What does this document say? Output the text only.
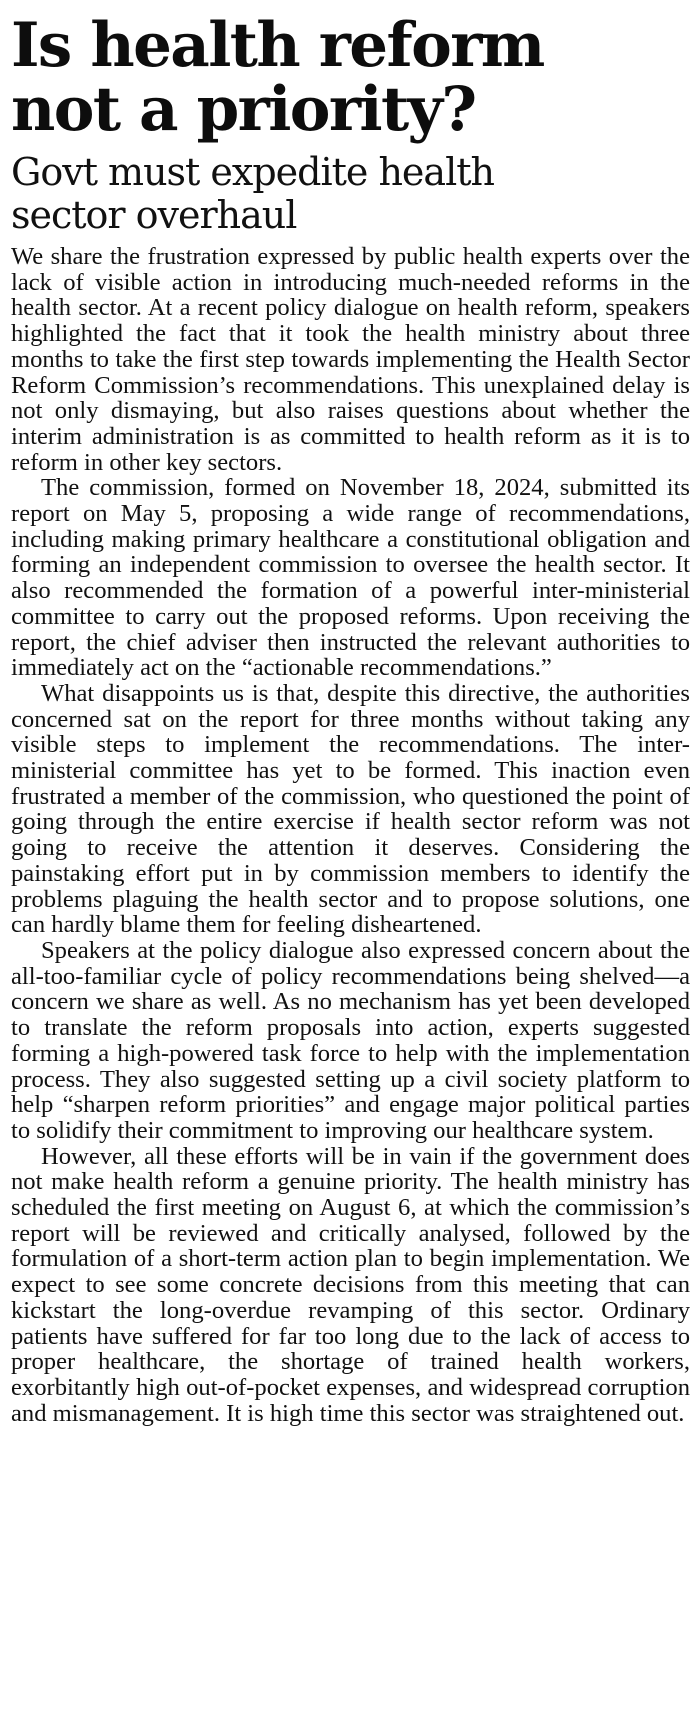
Is health reform not a priority?
Govt must expedite health sector overhaul

We share the frustration expressed by public health experts over the lack of visible action in introducing much-needed reforms in the health sector. At a recent policy dialogue on health reform, speakers highlighted the fact that it took the health ministry about three months to take the first step towards implementing the Health Sector Reform Commission’s recommendations. This unexplained delay is not only dismaying, but also raises questions about whether the interim administration is as committed to health reform as it is to reform in other key sectors.

The commission, formed on November 18, 2024, submitted its report on May 5, proposing a wide range of recommendations, including making primary healthcare a constitutional obligation and forming an independent commission to oversee the health sector. It also recommended the formation of a powerful inter-ministerial committee to carry out the proposed reforms. Upon receiving the report, the chief adviser then instructed the relevant authorities to immediately act on the “actionable recommendations.”

What disappoints us is that, despite this directive, the authorities concerned sat on the report for three months without taking any visible steps to implement the recommendations. The inter-ministerial committee has yet to be formed. This inaction even frustrated a member of the commission, who questioned the point of going through the entire exercise if health sector reform was not going to receive the attention it deserves. Considering the painstaking effort put in by commission members to identify the problems plaguing the health sector and to propose solutions, one can hardly blame them for feeling disheartened.

Speakers at the policy dialogue also expressed concern about the all-too-familiar cycle of policy recommendations being shelved—a concern we share as well. As no mechanism has yet been developed to translate the reform proposals into action, experts suggested forming a high-powered task force to help with the implementation process. They also suggested setting up a civil society platform to help “sharpen reform priorities” and engage major political parties to solidify their commitment to improving our healthcare system.

However, all these efforts will be in vain if the government does not make health reform a genuine priority. The health ministry has scheduled the first meeting on August 6, at which the commission’s report will be reviewed and critically analysed, followed by the formulation of a short-term action plan to begin implementation. We expect to see some concrete decisions from this meeting that can kickstart the long-overdue revamping of this sector. Ordinary patients have suffered for far too long due to the lack of access to proper healthcare, the shortage of trained health workers, exorbitantly high out-of-pocket expenses, and widespread corruption and mismanagement. It is high time this sector was straightened out.
